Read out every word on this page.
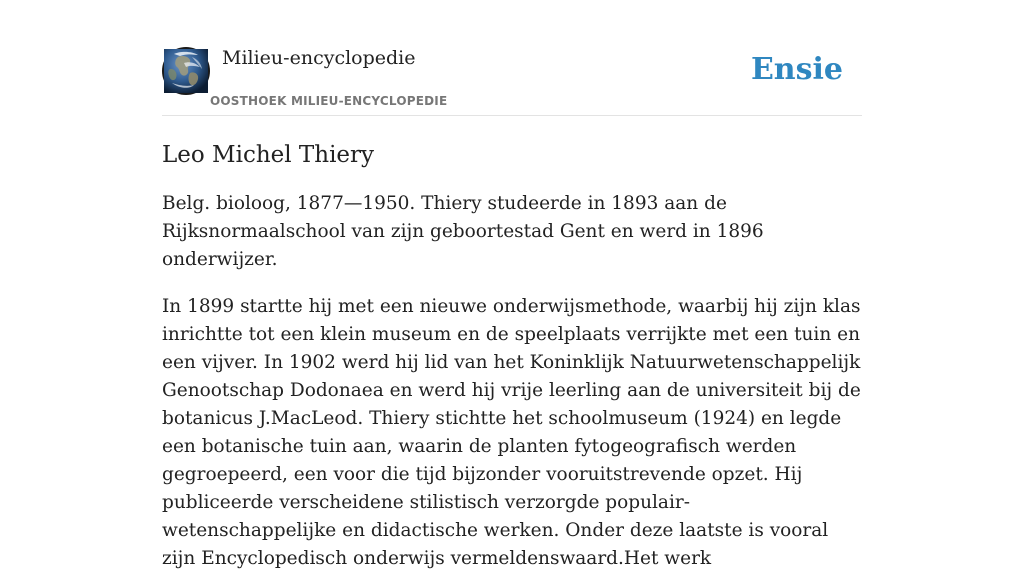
Milieu-encyclopedie
OOSTHOEK MILIEU-ENCYCLOPEDIE
Ensie
Leo Michel Thiery

Belg. bioloog, 1877—1950. Thiery studeerde in 1893 aan de Rijksnormaalschool van zijn geboortestad Gent en werd in 1896 onderwijzer.

In 1899 startte hij met een nieuwe onderwijsmethode, waarbij hij zijn klas inrichtte tot een klein museum en de speelplaats verrijkte met een tuin en een vijver. In 1902 werd hij lid van het Koninklijk Natuurwetenschappelijk Genootschap Dodonaea en werd hij vrije leerling aan de universiteit bij de botanicus J.MacLeod. Thiery stichtte het schoolmuseum (1924) en legde een botanische tuin aan, waarin de planten fytogeografisch werden gegroepeerd, een voor die tijd bijzonder vooruitstrevende opzet. Hij publiceerde verscheidene stilistisch verzorgde populair-wetenschappelijke en didactische werken. Onder deze laatste is vooral zijn Encyclopedisch onderwijs vermeldenswaard.Het werk
